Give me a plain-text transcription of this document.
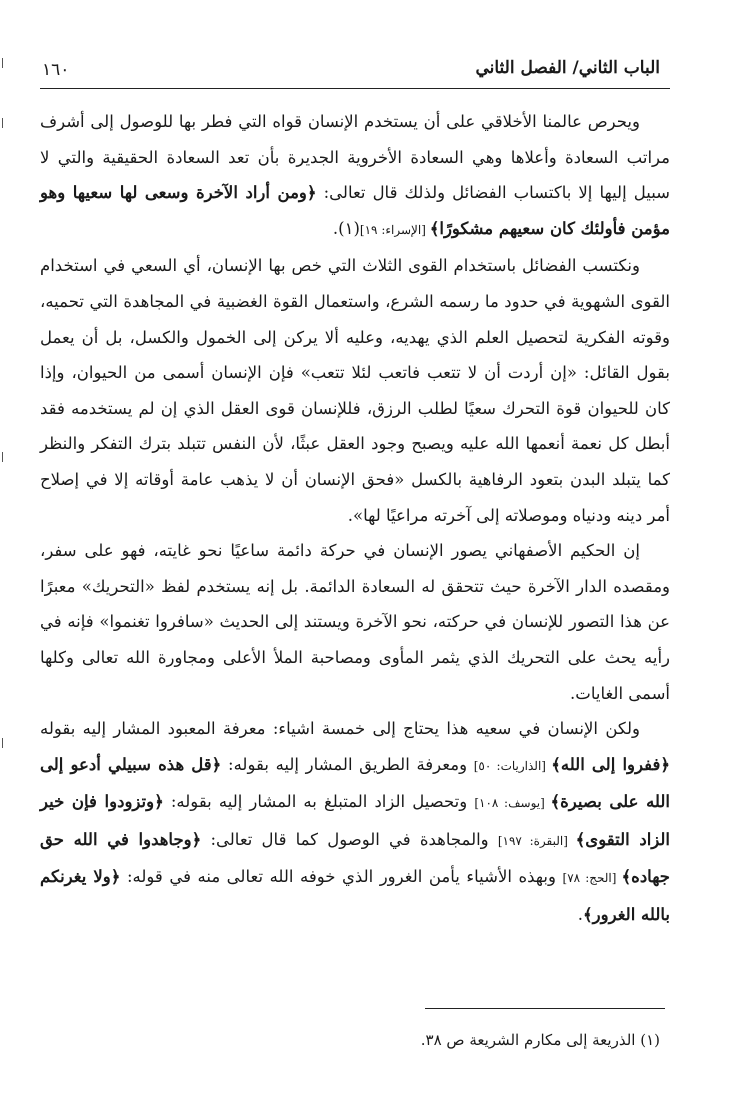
الباب الثاني/ الفصل الثاني
١٦٠

ويحرص عالمنا الأخلاقي على أن يستخدم الإنسان قواه التي فطر بها للوصول إلى أشرف مراتب السعادة وأعلاها وهي السعادة الأخروية الجديرة بأن تعد السعادة الحقيقية والتي لا سبيل إليها إلا باكتساب الفضائل ولذلك قال تعالى: ﴿ومن أراد الآخرة وسعى لها سعيها وهو مؤمن فأولئك كان سعيهم مشكورًا﴾ [الإسراء: ١٩](١).

ونكتسب الفضائل باستخدام القوى الثلاث التي خص بها الإنسان، أي السعي في استخدام القوى الشهوية في حدود ما رسمه الشرع، واستعمال القوة الغضبية في المجاهدة التي تحميه، وقوته الفكرية لتحصيل العلم الذي يهديه، وعليه ألا يركن إلى الخمول والكسل، بل أن يعمل بقول القائل: «إن أردت أن لا تتعب فاتعب لئلا تتعب» فإن الإنسان أسمى من الحيوان، وإذا كان للحيوان قوة التحرك سعيًا لطلب الرزق، فللإنسان قوى العقل الذي إن لم يستخدمه فقد أبطل كل نعمة أنعمها الله عليه ويصبح وجود العقل عبثًا، لأن النفس تتبلد بترك التفكر والنظر كما يتبلد البدن بتعود الرفاهية بالكسل «فحق الإنسان أن لا يذهب عامة أوقاته إلا في إصلاح أمر دينه ودنياه وموصلاته إلى آخرته مراعيًا لها».

إن الحكيم الأصفهاني يصور الإنسان في حركة دائمة ساعيًا نحو غايته، فهو على سفر، ومقصده الدار الآخرة حيث تتحقق له السعادة الدائمة. بل إنه يستخدم لفظ «التحريك» معبرًا عن هذا التصور للإنسان في حركته، نحو الآخرة ويستند إلى الحديث «سافروا تغنموا» فإنه في رأيه يحث على التحريك الذي يثمر المأوى ومصاحبة الملأ الأعلى ومجاورة الله تعالى وكلها أسمى الغايات.

ولكن الإنسان في سعيه هذا يحتاج إلى خمسة اشياء: معرفة المعبود المشار إليه بقوله ﴿ففروا إلى الله﴾ [الذاريات: ٥٠] ومعرفة الطريق المشار إليه بقوله: ﴿قل هذه سبيلي أدعو إلى الله على بصيرة﴾ [يوسف: ١٠٨] وتحصيل الزاد المتبلغ به المشار إليه بقوله: ﴿وتزودوا فإن خير الزاد التقوى﴾ [البقرة: ١٩٧] والمجاهدة في الوصول كما قال تعالى: ﴿وجاهدوا في الله حق جهاده﴾ [الحج: ٧٨] وبهذه الأشياء يأمن الغرور الذي خوفه الله تعالى منه في قوله: ﴿ولا يغرنكم بالله الغرور﴾.

(١) الذريعة إلى مكارم الشريعة ص ٣٨.
